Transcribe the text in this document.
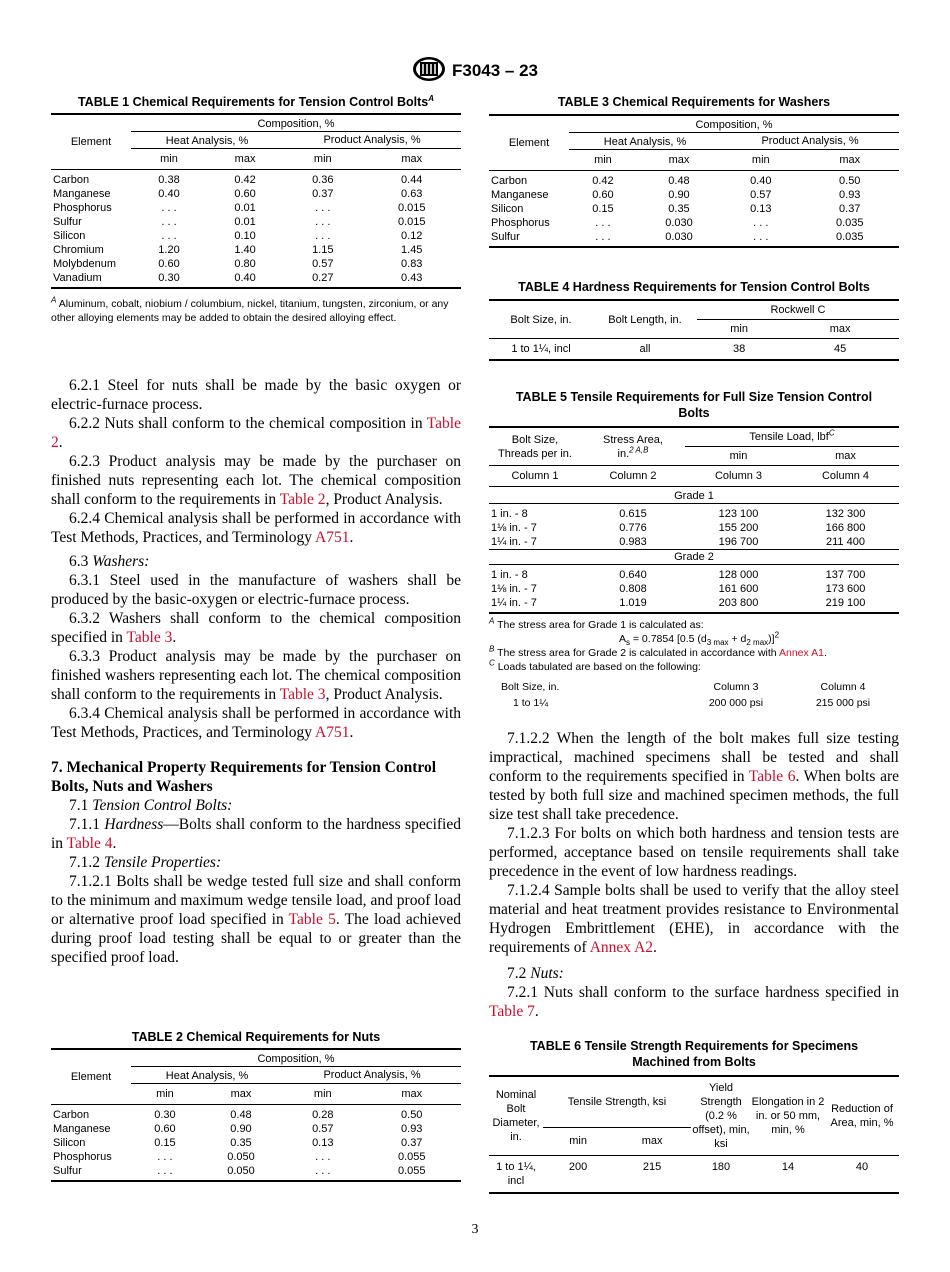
F3043 – 23
TABLE 1 Chemical Requirements for Tension Control Bolts$^A$
Element	Composition, %			
	Heat Analysis, %		Product Analysis, %	
	min	max	min	max
Carbon	0.38	0.42	0.36	0.44
Manganese	0.40	0.60	0.37	0.63
Phosphorus	. . .	0.01	. . .	0.015
Sulfur	. . .	0.01	. . .	0.015
Silicon	. . .	0.10	. . .	0.12
Chromium	1.20	1.40	1.15	1.45
Molybdenum	0.60	0.80	0.57	0.83
Vanadium	0.30	0.40	0.27	0.43
$^A$ Aluminum, cobalt, niobium / columbium, nickel, titanium, tungsten, zirconium, or any other alloying elements may be added to obtain the desired alloying effect.

6.2.1 Steel for nuts shall be made by the basic oxygen or electric-furnace process.

6.2.2 Nuts shall conform to the chemical composition in Table 2.

6.2.3 Product analysis may be made by the purchaser on finished nuts representing each lot. The chemical composition shall conform to the requirements in Table 2, Product Analysis.

6.2.4 Chemical analysis shall be performed in accordance with Test Methods, Practices, and Terminology A751.

6.3 Washers:

6.3.1 Steel used in the manufacture of washers shall be produced by the basic-oxygen or electric-furnace process.

6.3.2 Washers shall conform to the chemical composition specified in Table 3.

6.3.3 Product analysis may be made by the purchaser on finished washers representing each lot. The chemical composition shall conform to the requirements in Table 3, Product Analysis.

6.3.4 Chemical analysis shall be performed in accordance with Test Methods, Practices, and Terminology A751.

7. Mechanical Property Requirements for Tension Control Bolts, Nuts and Washers

7.1 Tension Control Bolts:

7.1.1 Hardness—Bolts shall conform to the hardness specified in Table 4.

7.1.2 Tensile Properties:

7.1.2.1 Bolts shall be wedge tested full size and shall conform to the minimum and maximum wedge tensile load, and proof load or alternative proof load specified in Table 5. The load achieved during proof load testing shall be equal to or greater than the specified proof load.

TABLE 2 Chemical Requirements for Nuts
Element	Composition, %			
	Heat Analysis, %		Product Analysis, %	
	min	max	min	max
Carbon	0.30	0.48	0.28	0.50
Manganese	0.60	0.90	0.57	0.93
Silicon	0.15	0.35	0.13	0.37
Phosphorus	. . .	0.050	. . .	0.055
Sulfur	. . .	0.050	. . .	0.055
TABLE 3 Chemical Requirements for Washers
Element	Composition, %			
	Heat Analysis, %		Product Analysis, %	
	min	max	min	max
Carbon	0.42	0.48	0.40	0.50
Manganese	0.60	0.90	0.57	0.93
Silicon	0.15	0.35	0.13	0.37
Phosphorus	. . .	0.030	. . .	0.035
Sulfur	. . .	0.030	. . .	0.035
TABLE 4 Hardness Requirements for Tension Control Bolts
Bolt Size, in.	Bolt Length, in.	Rockwell C	
		min	max
1 to 1¼, incl	all	38	45
TABLE 5 Tensile Requirements for Full Size Tension Control
Bolts
Bolt Size,
Threads per in.	Stress Area,
in.$^{2 A,B}$	Tensile Load, lbf$^C$
		min	max
Column 1	Column 2	Column 3	Column 4
Grade 1			
1 in. - 8	0.615	123 100	132 300
1⅛ in. - 7	0.776	155 200	166 800
1¼ in. - 7	0.983	196 700	211 400
Grade 2			
1 in. - 8	0.640	128 000	137 700
1⅛ in. - 7	0.808	161 600	173 600
1¼ in. - 7	1.019	203 800	219 100
$^A$ The stress area for Grade 1 is calculated as:
$A_s = 0.7854$ [0.5 $(d_{3 max} + d_{2 max})]^2$
$^B$ The stress area for Grade 2 is calculated in accordance with Annex A1.
$^C$ Loads tabulated are based on the following:
Bolt Size, in.		Column 3	Column 4
1 to 1¼		200 000 psi	215 000 psi

7.1.2.2 When the length of the bolt makes full size testing impractical, machined specimens shall be tested and shall conform to the requirements specified in Table 6. When bolts are tested by both full size and machined specimen methods, the full size test shall take precedence.

7.1.2.3 For bolts on which both hardness and tension tests are performed, acceptance based on tensile requirements shall take precedence in the event of low hardness readings.

7.1.2.4 Sample bolts shall be used to verify that the alloy steel material and heat treatment provides resistance to Environmental Hydrogen Embrittlement (EHE), in accordance with the requirements of Annex A2.

7.2 Nuts:

7.2.1 Nuts shall conform to the surface hardness specified in Table 7.

TABLE 6 Tensile Strength Requirements for Specimens
Machined from Bolts
Nominal Bolt Diameter, in.	Tensile Strength, ksi		Yield Strength (0.2 % offset), min, ksi	Elongation in 2 in. or 50 mm, min, %	Reduction of Area, min, %
	min	max			
1 to 1¼, incl	200	215	180	14	40
3
